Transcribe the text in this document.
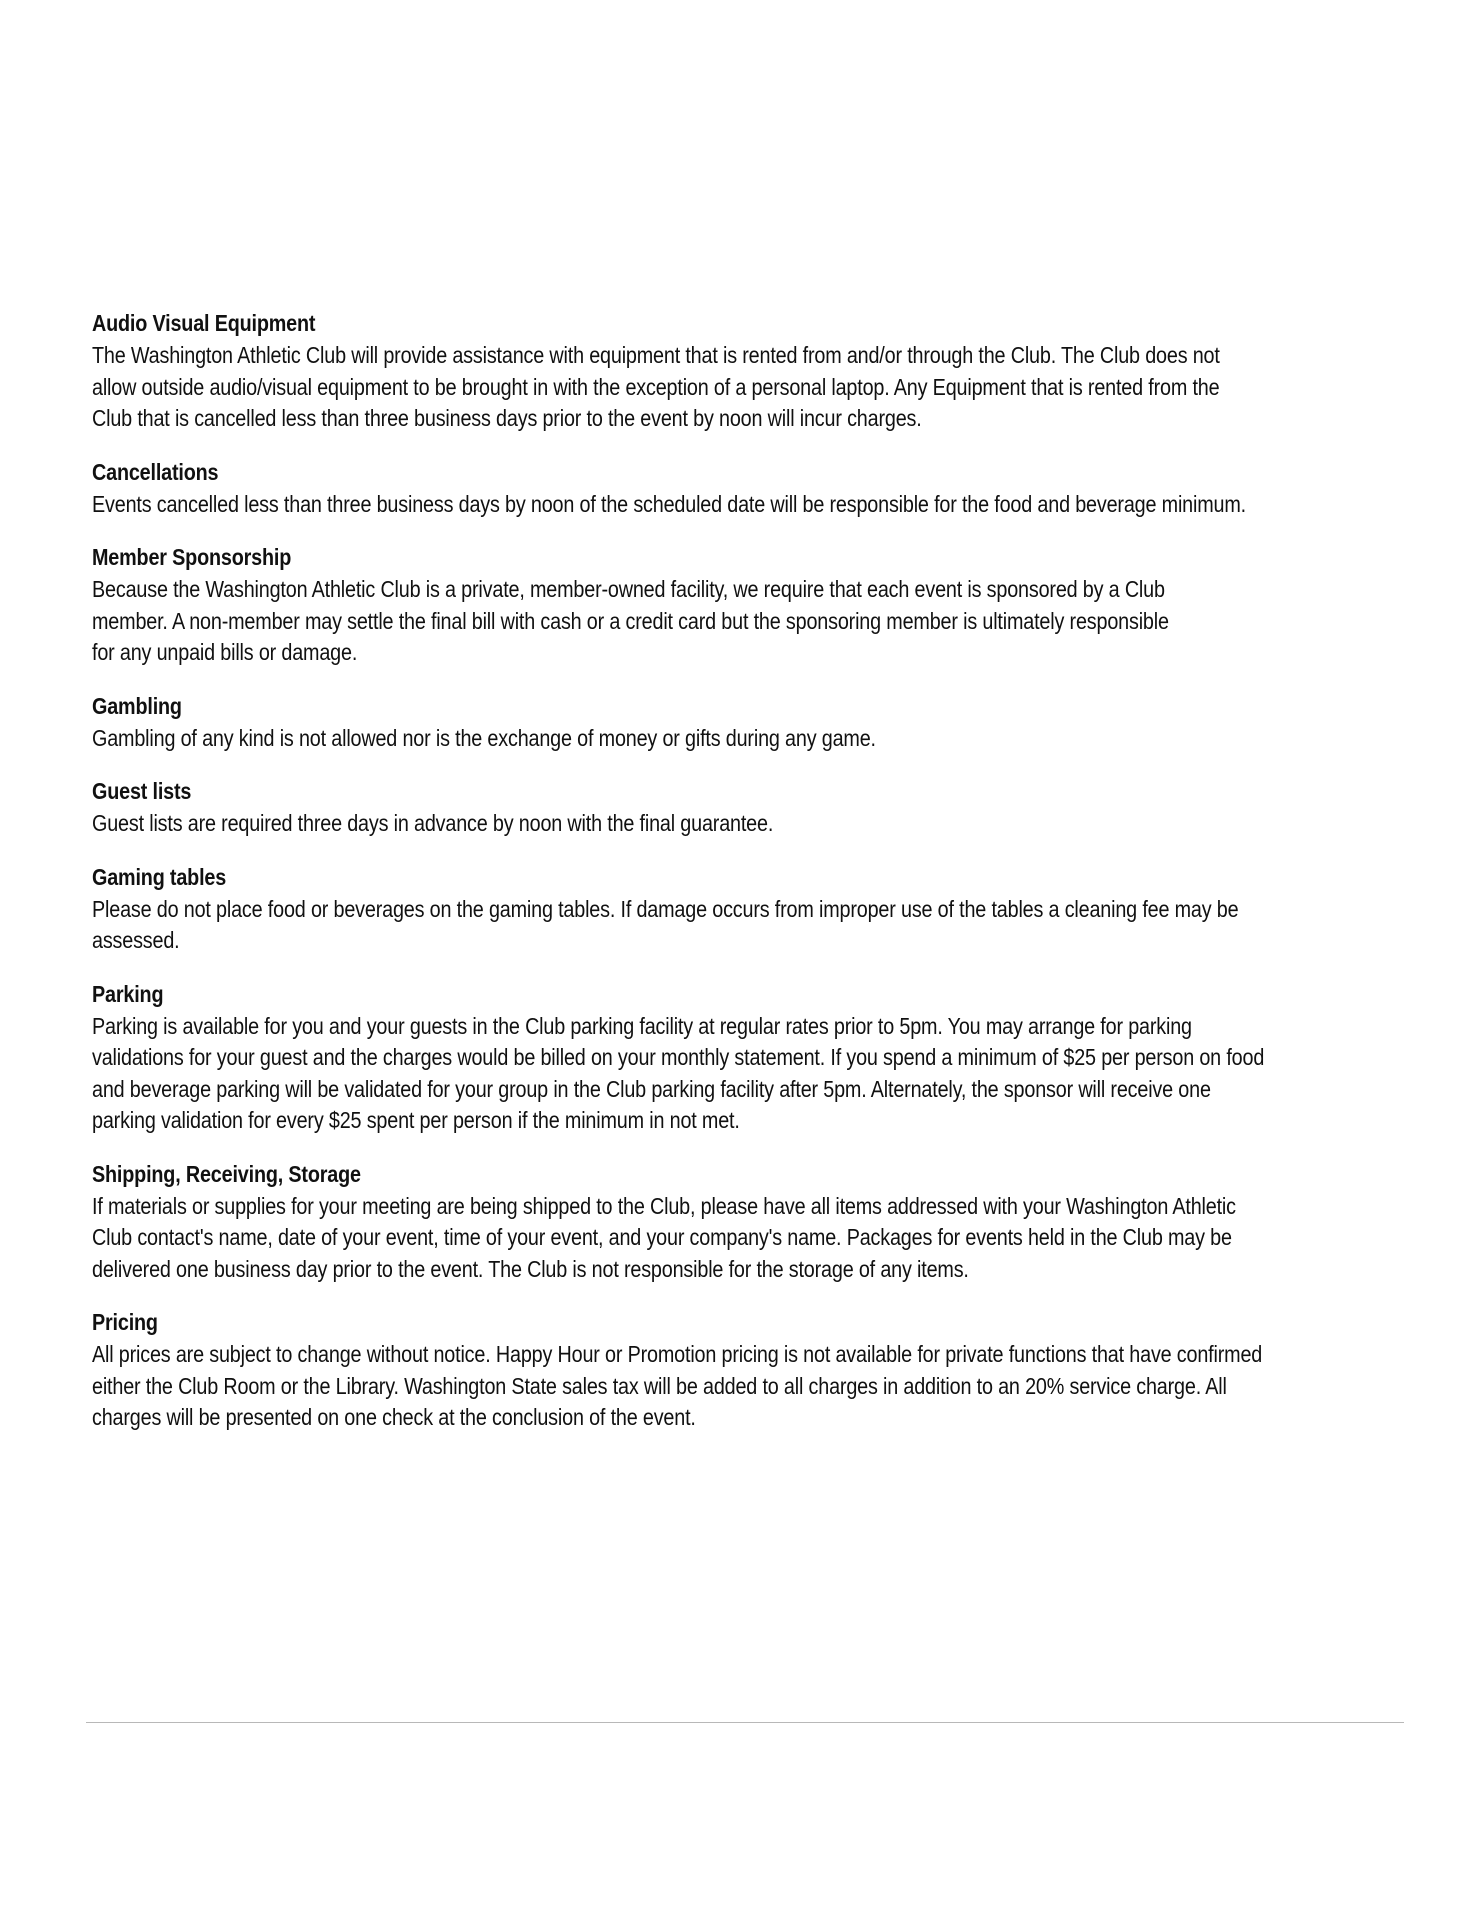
Audio Visual Equipment

The Washington Athletic Club will provide assistance with equipment that is rented from and/or through the Club. The Club does not
allow outside audio/visual equipment to be brought in with the exception of a personal laptop. Any Equipment that is rented from the
Club that is cancelled less than three business days prior to the event by noon will incur charges.

Cancellations

Events cancelled less than three business days by noon of the scheduled date will be responsible for the food and beverage minimum.

Member Sponsorship

Because the Washington Athletic Club is a private, member-owned facility, we require that each event is sponsored by a Club
member. A non-member may settle the final bill with cash or a credit card but the sponsoring member is ultimately responsible
for any unpaid bills or damage.

Gambling

Gambling of any kind is not allowed nor is the exchange of money or gifts during any game.

Guest lists

Guest lists are required three days in advance by noon with the final guarantee.

Gaming tables

Please do not place food or beverages on the gaming tables. If damage occurs from improper use of the tables a cleaning fee may be
assessed.

Parking

Parking is available for you and your guests in the Club parking facility at regular rates prior to 5pm. You may arrange for parking
validations for your guest and the charges would be billed on your monthly statement. If you spend a minimum of $25 per person on food
and beverage parking will be validated for your group in the Club parking facility after 5pm. Alternately, the sponsor will receive one
parking validation for every $25 spent per person if the minimum in not met.

Shipping, Receiving, Storage

If materials or supplies for your meeting are being shipped to the Club, please have all items addressed with your Washington Athletic
Club contact's name, date of your event, time of your event, and your company's name. Packages for events held in the Club may be
delivered one business day prior to the event. The Club is not responsible for the storage of any items.

Pricing

All prices are subject to change without notice. Happy Hour or Promotion pricing is not available for private functions that have confirmed
either the Club Room or the Library. Washington State sales tax will be added to all charges in addition to an 20% service charge. All
charges will be presented on one check at the conclusion of the event.
